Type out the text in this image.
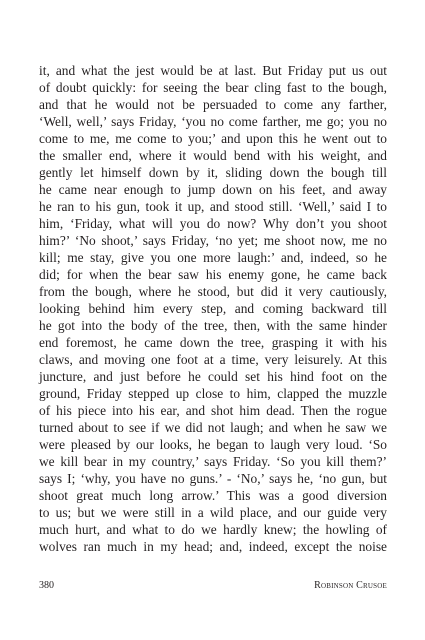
it, and what the jest would be at last. But Friday put us out
of doubt quickly: for seeing the bear cling fast to the bough,
and that he would not be persuaded to come any farther,
‘Well, well,’ says Friday, ‘you no come farther, me go; you no
come to me, me come to you;’ and upon this he went out to
the smaller end, where it would bend with his weight, and
gently let himself down by it, sliding down the bough till
he came near enough to jump down on his feet, and away
he ran to his gun, took it up, and stood still. ‘Well,’ said I to
him, ‘Friday, what will you do now? Why don’t you shoot
him?’ ‘No shoot,’ says Friday, ‘no yet; me shoot now, me no
kill; me stay, give you one more laugh:’ and, indeed, so he
did; for when the bear saw his enemy gone, he came back
from the bough, where he stood, but did it very cautiously,
looking behind him every step, and coming backward till
he got into the body of the tree, then, with the same hinder
end foremost, he came down the tree, grasping it with his
claws, and moving one foot at a time, very leisurely. At this
juncture, and just before he could set his hind foot on the
ground, Friday stepped up close to him, clapped the muzzle
of his piece into his ear, and shot him dead. Then the rogue
turned about to see if we did not laugh; and when he saw we
were pleased by our looks, he began to laugh very loud. ‘So
we kill bear in my country,’ says Friday. ‘So you kill them?’
says I; ‘why, you have no guns.’ - ‘No,’ says he, ‘no gun, but
shoot great much long arrow.’ This was a good diversion
to us; but we were still in a wild place, and our guide very
much hurt, and what to do we hardly knew; the howling of
wolves ran much in my head; and, indeed, except the noise
380	Robinson Crusoe
